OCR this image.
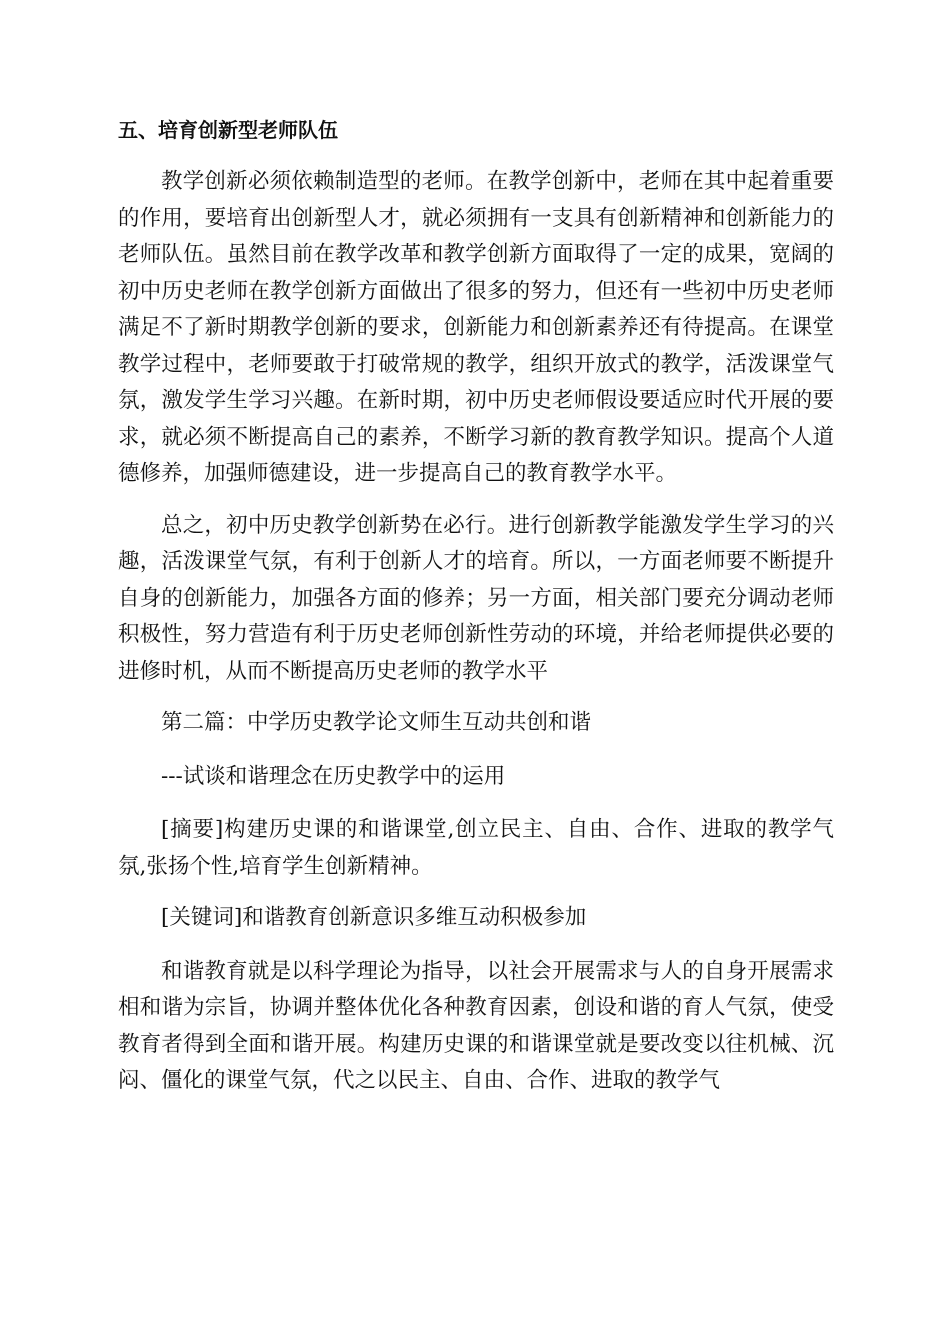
五、培育创新型老师队伍

教学创新必须依赖制造型的老师。在教学创新中，老师在其中起着重要的作用，要培育出创新型人才，就必须拥有一支具有创新精神和创新能力的老师队伍。虽然目前在教学改革和教学创新方面取得了一定的成果，宽阔的初中历史老师在教学创新方面做出了很多的努力，但还有一些初中历史老师满足不了新时期教学创新的要求，创新能力和创新素养还有待提高。在课堂教学过程中，老师要敢于打破常规的教学，组织开放式的教学，活泼课堂气氛，激发学生学习兴趣。在新时期，初中历史老师假设要适应时代开展的要求，就必须不断提高自己的素养，不断学习新的教育教学知识。提高个人道德修养，加强师德建设，进一步提高自己的教育教学水平。

总之，初中历史教学创新势在必行。进行创新教学能激发学生学习的兴趣，活泼课堂气氛，有利于创新人才的培育。所以，一方面老师要不断提升自身的创新能力，加强各方面的修养；另一方面，相关部门要充分调动老师积极性，努力营造有利于历史老师创新性劳动的环境，并给老师提供必要的进修时机，从而不断提高历史老师的教学水平

第二篇：中学历史教学论文师生互动共创和谐

---试谈和谐理念在历史教学中的运用

[摘要]构建历史课的和谐课堂,创立民主、自由、合作、进取的教学气氛,张扬个性,培育学生创新精神。

[关键词]和谐教育创新意识多维互动积极参加

和谐教育就是以科学理论为指导，以社会开展需求与人的自身开展需求相和谐为宗旨，协调并整体优化各种教育因素，创设和谐的育人气氛，使受教育者得到全面和谐开展。构建历史课的和谐课堂就是要改变以往机械、沉闷、僵化的课堂气氛，代之以民主、自由、合作、进取的教学气
